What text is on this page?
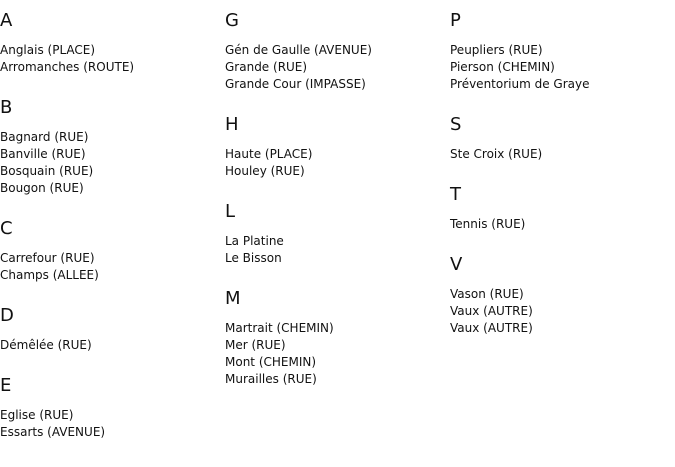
A
Anglais (PLACE)
Arromanches (ROUTE)
B
Bagnard (RUE)
Banville (RUE)
Bosquain (RUE)
Bougon (RUE)
C
Carrefour (RUE)
Champs (ALLEE)
D
Démêlée (RUE)
E
Eglise (RUE)
Essarts (AVENUE)
G
Gén de Gaulle (AVENUE)
Grande (RUE)
Grande Cour (IMPASSE)
H
Haute (PLACE)
Houley (RUE)
L
La Platine
Le Bisson
M
Martrait (CHEMIN)
Mer (RUE)
Mont (CHEMIN)
Murailles (RUE)
P
Peupliers (RUE)
Pierson (CHEMIN)
Préventorium de Graye
S
Ste Croix (RUE)
T
Tennis (RUE)
V
Vason (RUE)
Vaux (AUTRE)
Vaux (AUTRE)
